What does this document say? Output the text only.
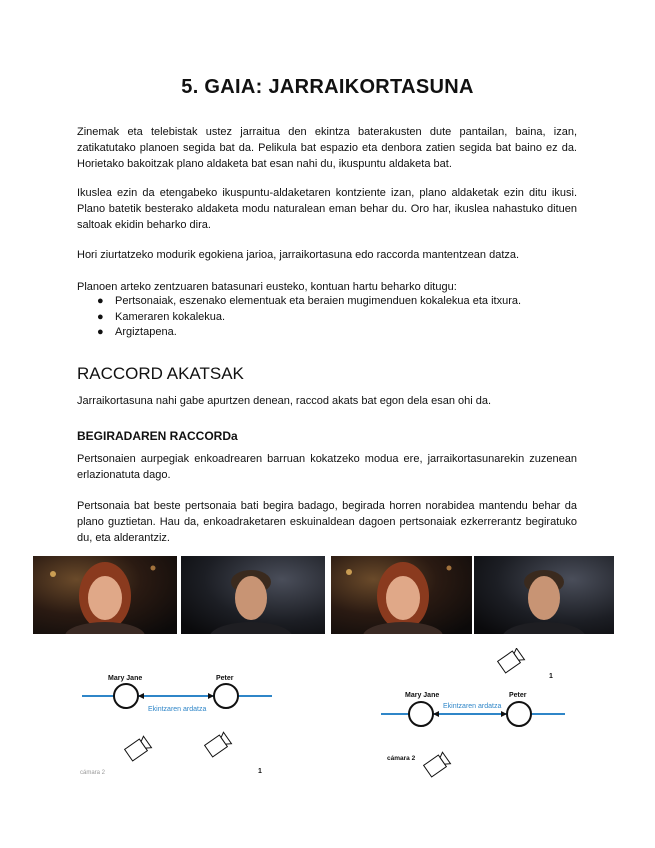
5. GAIA: JARRAIKORTASUNA

Zinemak eta telebistak ustez jarraitua den ekintza baterakusten dute pantailan, baina, izan, zatikatutako planoen segida bat da. Pelikula bat espazio eta denbora zatien segida bat baino ez da. Horietako bakoitzak plano aldaketa bat esan nahi du, ikuspuntu aldaketa bat.

Ikuslea ezin da etengabeko ikuspuntu-aldaketaren kontziente izan, plano aldaketak ezin ditu ikusi. Plano batetik besterako aldaketa modu naturalean eman behar du. Oro har, ikuslea nahastuko dituen saltoak ekidin beharko dira.

Hori ziurtatzeko modurik egokiena jarioa, jarraikortasuna edo raccorda mantentzean datza.

Planoen arteko zentzuaren batasunari eusteko, kontuan hartu beharko ditugu:

● Pertsonaiak, eszenako elementuak eta beraien mugimenduen kokalekua eta itxura.
● Kameraren kokalekua.
● Argiztapena.
RACCORD AKATSAK

Jarraikortasuna nahi gabe apurtzen denean, raccod akats bat egon dela esan ohi da.

BEGIRADAREN RACCORDa

Pertsonaien aurpegiak enkoadrearen barruan kokatzeko modua ere, jarraikortasunarekin zuzenean erlazionatuta dago.

Pertsonaia bat beste pertsonaia bati begira badago, begirada horren norabidea mantendu behar da plano guztietan. Hau da, enkoadraketaren eskuinaldean dagoen pertsonaiak ezkerrerantz begiratuko du, eta alderantziz.

Mary Jane	Peter
Ekintzaren ardatza
cámara 2	1
1
Mary Jane	Peter
Ekintzaren ardatza
cámara 2
